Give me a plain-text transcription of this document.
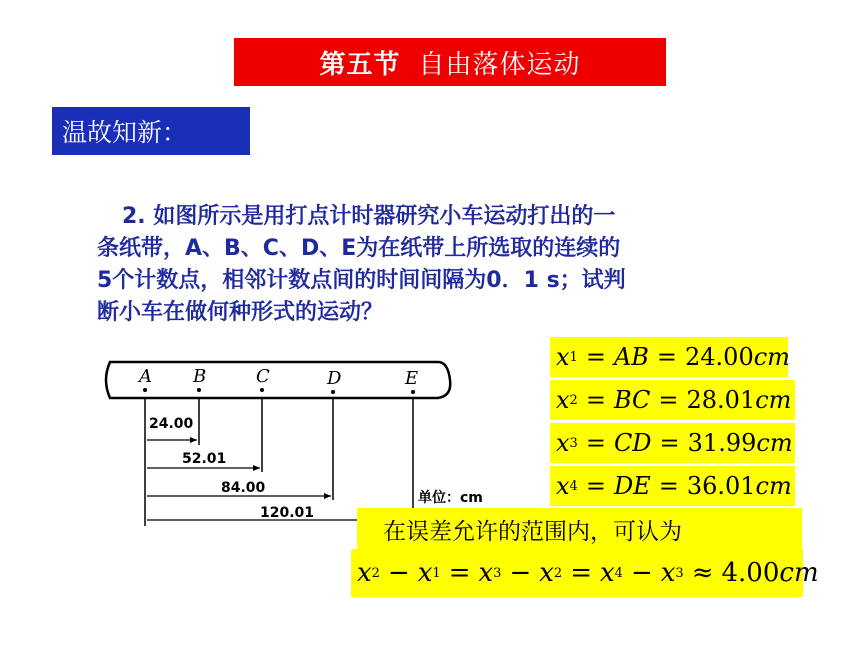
第五节 自由落体运动
温故知新：
2. 如图所示是用打点计时器研究小车运动打出的一
条纸带，A、B、C、D、E为在纸带上所选取的连续的
5个计数点，相邻计数点间的时间间隔为0．1 s；试判
断小车在做何种形式的运动？
A B	C	D	E
24.00
52.01
84.00
120.01
单位：cm
x 1 = AB = 24.00 cm
x 2 = BC = 28.01 cm
x 3 = CD = 31.99 cm
x 4 = DE = 36.01 cm
在误差允许的范围内，可认为
x 2 − x 1 = x 3 − x 2 = x 4 − x 3 ≈ 4.00 cm
